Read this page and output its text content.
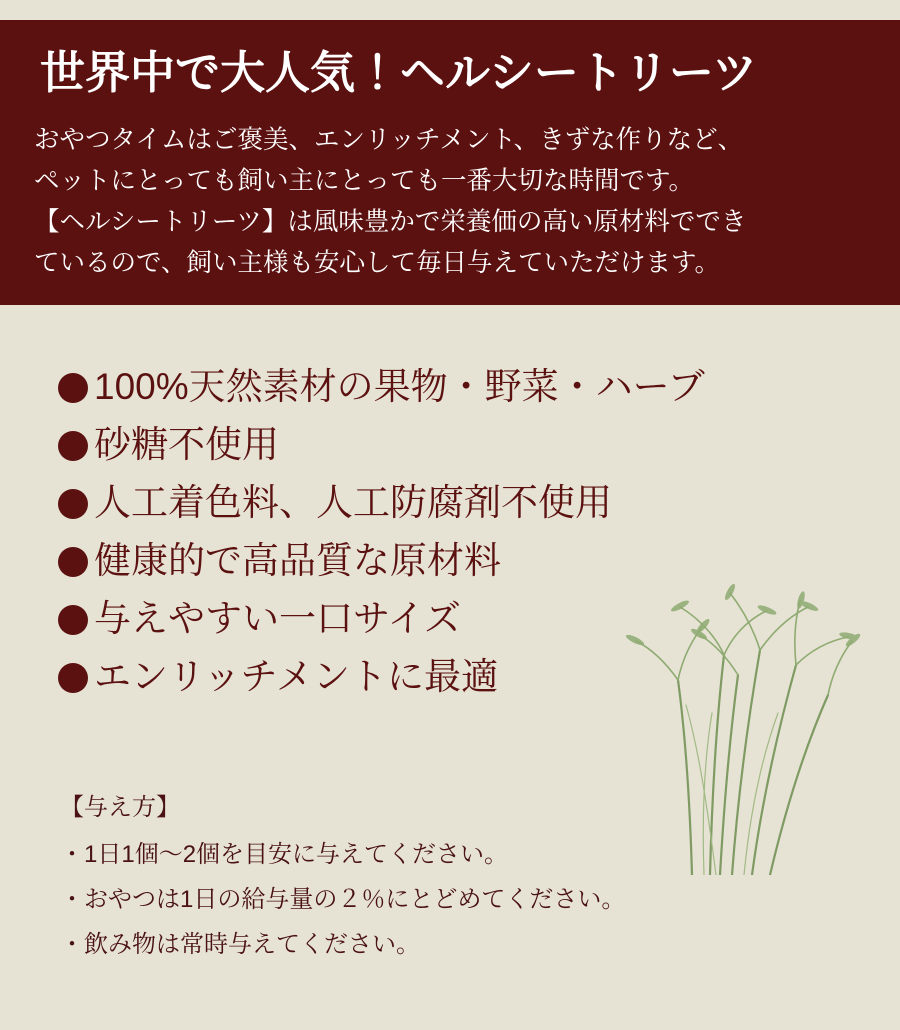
世界中で大人気！ヘルシートリーツ

おやつタイムはご褒美、エンリッチメント、きずな作りなど、

ペットにとっても飼い主にとっても一番大切な時間です。

【ヘルシートリーツ】は風味豊かで栄養価の高い原材料ででき

ているので、飼い主様も安心して毎日与えていただけます。

100%天然素材の果物・野菜・ハーブ
砂糖不使用
人工着色料、人工防腐剤不使用
健康的で高品質な原材料
与えやすい一口サイズ
エンリッチメントに最適
【与え方】
・1日1個〜2個を目安に与えてください。
・おやつは1日の給与量の２％にとどめてください。
・飲み物は常時与えてください。
